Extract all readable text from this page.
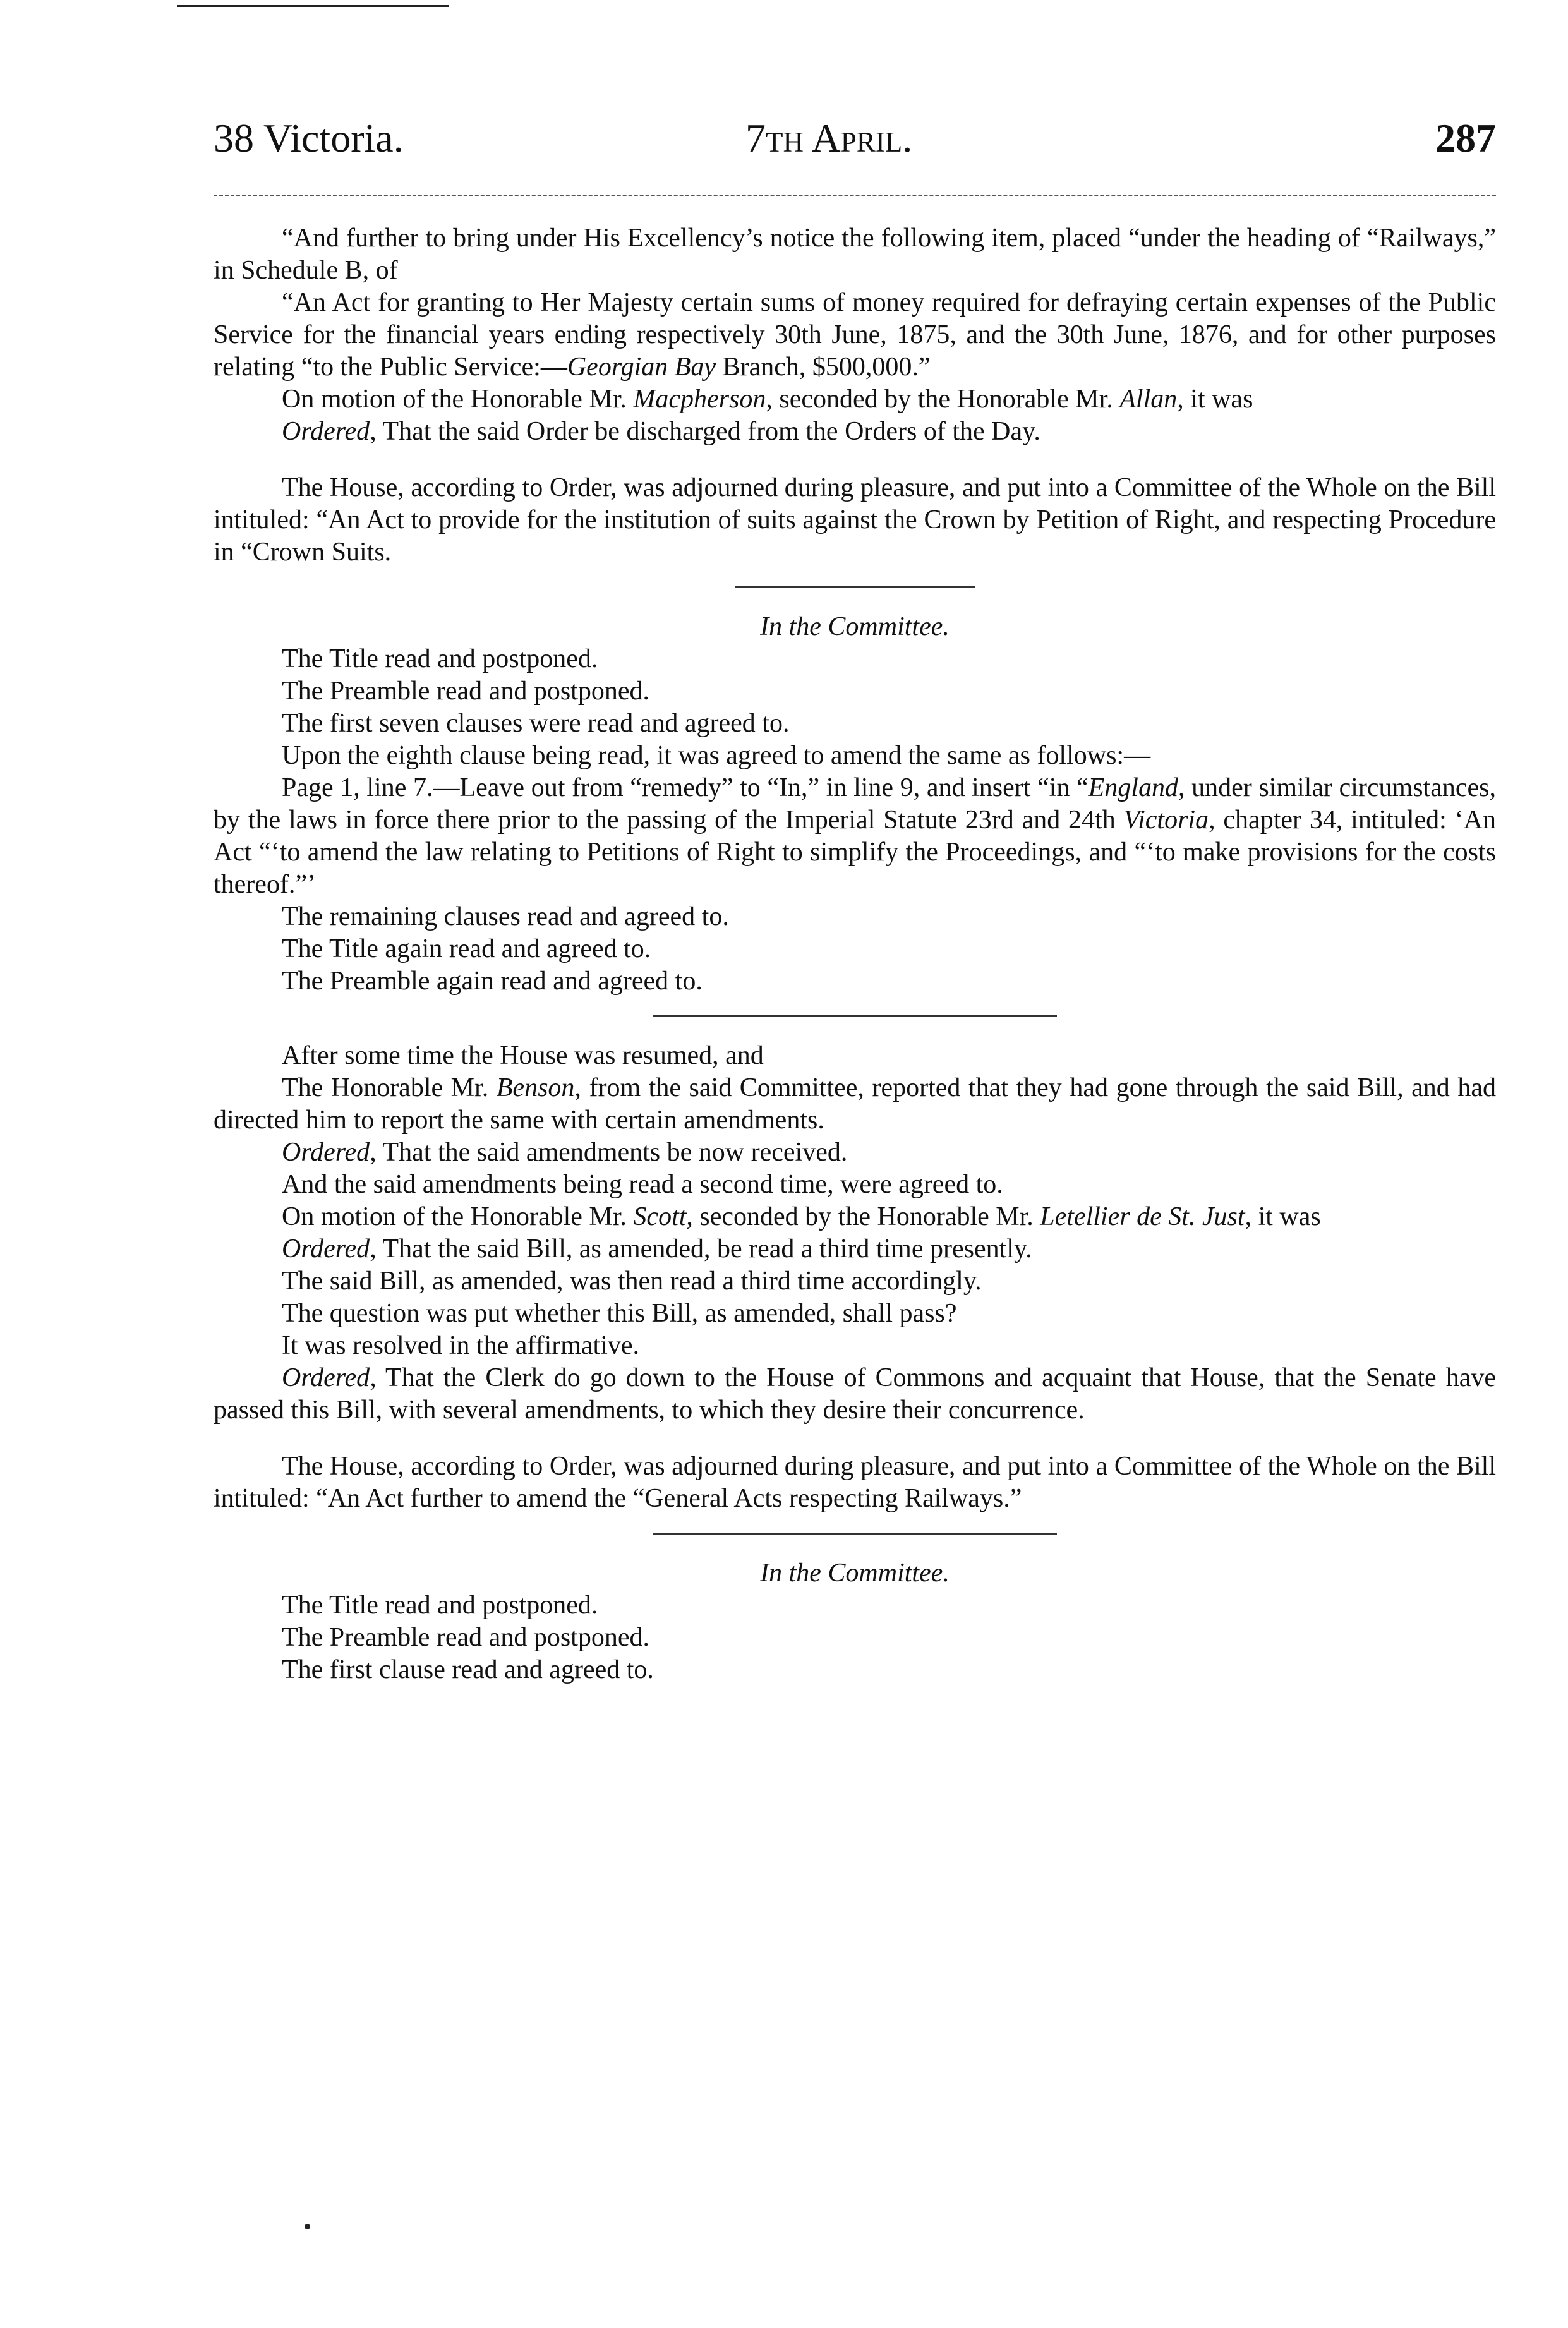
38 Victoria.	7th April.	287

“And further to bring under His Excellency’s notice the following item, placed “under the heading of “Railways,” in Schedule B, of

“An Act for granting to Her Majesty certain sums of money required for defraying certain expenses of the Public Service for the financial years ending respectively 30th June, 1875, and the 30th June, 1876, and for other purposes relating “to the Public Service:—Georgian Bay Branch, $500,000.”

On motion of the Honorable Mr. Macpherson, seconded by the Honorable Mr. Allan, it was

Ordered, That the said Order be discharged from the Orders of the Day.

The House, according to Order, was adjourned during pleasure, and put into a Committee of the Whole on the Bill intituled: “An Act to provide for the institution of suits against the Crown by Petition of Right, and respecting Procedure in “Crown Suits.

In the Committee.

The Title read and postponed.

The Preamble read and postponed.

The first seven clauses were read and agreed to.

Upon the eighth clause being read, it was agreed to amend the same as follows:—

Page 1, line 7.—Leave out from “remedy” to “In,” in line 9, and insert “in “England, under similar circumstances, by the laws in force there prior to the passing of the Imperial Statute 23rd and 24th Victoria, chapter 34, intituled: ‘An Act “‘to amend the law relating to Petitions of Right to simplify the Proceedings, and “‘to make provisions for the costs thereof.”’

The remaining clauses read and agreed to.

The Title again read and agreed to.

The Preamble again read and agreed to.

After some time the House was resumed, and

The Honorable Mr. Benson, from the said Committee, reported that they had gone through the said Bill, and had directed him to report the same with certain amendments.

Ordered, That the said amendments be now received.

And the said amendments being read a second time, were agreed to.

On motion of the Honorable Mr. Scott, seconded by the Honorable Mr. Letellier de St. Just, it was

Ordered, That the said Bill, as amended, be read a third time presently.

The said Bill, as amended, was then read a third time accordingly.

The question was put whether this Bill, as amended, shall pass?

It was resolved in the affirmative.

Ordered, That the Clerk do go down to the House of Commons and acquaint that House, that the Senate have passed this Bill, with several amendments, to which they desire their concurrence.

The House, according to Order, was adjourned during pleasure, and put into a Committee of the Whole on the Bill intituled: “An Act further to amend the “General Acts respecting Railways.”

In the Committee.

The Title read and postponed.

The Preamble read and postponed.

The first clause read and agreed to.
